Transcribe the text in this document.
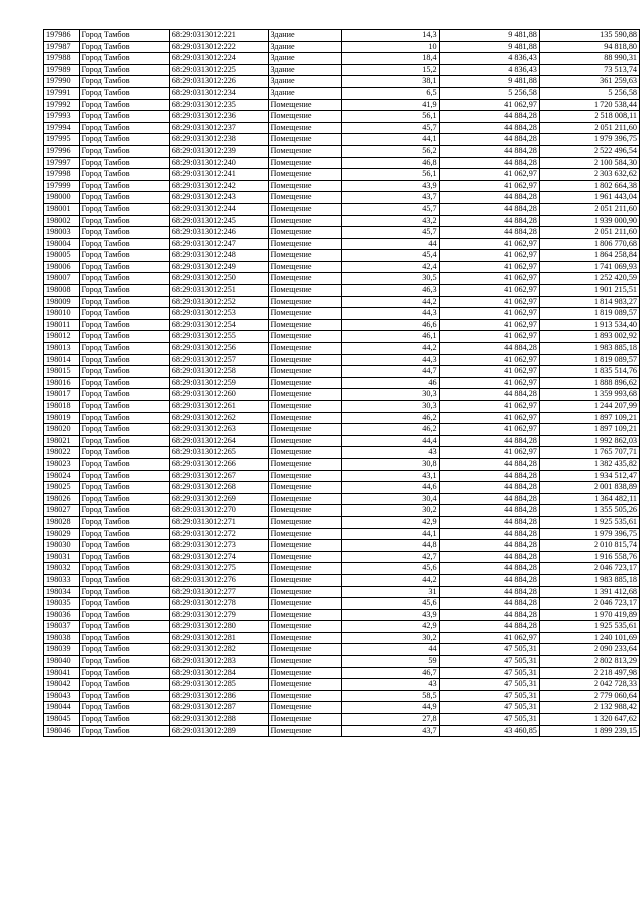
197986	Город Тамбов	68:29:0313012:221	Здание	14,3	9 481,88	135 590,88
197987	Город Тамбов	68:29:0313012:222	Здание	10	9 481,88	94 818,80
197988	Город Тамбов	68:29:0313012:224	Здание	18,4	4 836,43	88 990,31
197989	Город Тамбов	68:29:0313012:225	Здание	15,2	4 836,43	73 513,74
197990	Город Тамбов	68:29:0313012:226	Здание	38,1	9 481,88	361 259,63
197991	Город Тамбов	68:29:0313012:234	Здание	6,5	5 256,58	5 256,58
197992	Город Тамбов	68:29:0313012:235	Помещение	41,9	41 062,97	1 720 538,44
197993	Город Тамбов	68:29:0313012:236	Помещение	56,1	44 884,28	2 518 008,11
197994	Город Тамбов	68:29:0313012:237	Помещение	45,7	44 884,28	2 051 211,60
197995	Город Тамбов	68:29:0313012:238	Помещение	44,1	44 884,28	1 979 396,75
197996	Город Тамбов	68:29:0313012:239	Помещение	56,2	44 884,28	2 522 496,54
197997	Город Тамбов	68:29:0313012:240	Помещение	46,8	44 884,28	2 100 584,30
197998	Город Тамбов	68:29:0313012:241	Помещение	56,1	41 062,97	2 303 632,62
197999	Город Тамбов	68:29:0313012:242	Помещение	43,9	41 062,97	1 802 664,38
198000	Город Тамбов	68:29:0313012:243	Помещение	43,7	44 884,28	1 961 443,04
198001	Город Тамбов	68:29:0313012:244	Помещение	45,7	44 884,28	2 051 211,60
198002	Город Тамбов	68:29:0313012:245	Помещение	43,2	44 884,28	1 939 000,90
198003	Город Тамбов	68:29:0313012:246	Помещение	45,7	44 884,28	2 051 211,60
198004	Город Тамбов	68:29:0313012:247	Помещение	44	41 062,97	1 806 770,68
198005	Город Тамбов	68:29:0313012:248	Помещение	45,4	41 062,97	1 864 258,84
198006	Город Тамбов	68:29:0313012:249	Помещение	42,4	41 062,97	1 741 069,93
198007	Город Тамбов	68:29:0313012:250	Помещение	30,5	41 062,97	1 252 420,59
198008	Город Тамбов	68:29:0313012:251	Помещение	46,3	41 062,97	1 901 215,51
198009	Город Тамбов	68:29:0313012:252	Помещение	44,2	41 062,97	1 814 983,27
198010	Город Тамбов	68:29:0313012:253	Помещение	44,3	41 062,97	1 819 089,57
198011	Город Тамбов	68:29:0313012:254	Помещение	46,6	41 062,97	1 913 534,40
198012	Город Тамбов	68:29:0313012:255	Помещение	46,1	41 062,97	1 893 002,92
198013	Город Тамбов	68:29:0313012:256	Помещение	44,2	44 884,28	1 983 885,18
198014	Город Тамбов	68:29:0313012:257	Помещение	44,3	41 062,97	1 819 089,57
198015	Город Тамбов	68:29:0313012:258	Помещение	44,7	41 062,97	1 835 514,76
198016	Город Тамбов	68:29:0313012:259	Помещение	46	41 062,97	1 888 896,62
198017	Город Тамбов	68:29:0313012:260	Помещение	30,3	44 884,28	1 359 993,68
198018	Город Тамбов	68:29:0313012:261	Помещение	30,3	41 062,97	1 244 207,99
198019	Город Тамбов	68:29:0313012:262	Помещение	46,2	41 062,97	1 897 109,21
198020	Город Тамбов	68:29:0313012:263	Помещение	46,2	41 062,97	1 897 109,21
198021	Город Тамбов	68:29:0313012:264	Помещение	44,4	44 884,28	1 992 862,03
198022	Город Тамбов	68:29:0313012:265	Помещение	43	41 062,97	1 765 707,71
198023	Город Тамбов	68:29:0313012:266	Помещение	30,8	44 884,28	1 382 435,82
198024	Город Тамбов	68:29:0313012:267	Помещение	43,1	44 884,28	1 934 512,47
198025	Город Тамбов	68:29:0313012:268	Помещение	44,6	44 884,28	2 001 838,89
198026	Город Тамбов	68:29:0313012:269	Помещение	30,4	44 884,28	1 364 482,11
198027	Город Тамбов	68:29:0313012:270	Помещение	30,2	44 884,28	1 355 505,26
198028	Город Тамбов	68:29:0313012:271	Помещение	42,9	44 884,28	1 925 535,61
198029	Город Тамбов	68:29:0313012:272	Помещение	44,1	44 884,28	1 979 396,75
198030	Город Тамбов	68:29:0313012:273	Помещение	44,8	44 884,28	2 010 815,74
198031	Город Тамбов	68:29:0313012:274	Помещение	42,7	44 884,28	1 916 558,76
198032	Город Тамбов	68:29:0313012:275	Помещение	45,6	44 884,28	2 046 723,17
198033	Город Тамбов	68:29:0313012:276	Помещение	44,2	44 884,28	1 983 885,18
198034	Город Тамбов	68:29:0313012:277	Помещение	31	44 884,28	1 391 412,68
198035	Город Тамбов	68:29:0313012:278	Помещение	45,6	44 884,28	2 046 723,17
198036	Город Тамбов	68:29:0313012:279	Помещение	43,9	44 884,28	1 970 419,89
198037	Город Тамбов	68:29:0313012:280	Помещение	42,9	44 884,28	1 925 535,61
198038	Город Тамбов	68:29:0313012:281	Помещение	30,2	41 062,97	1 240 101,69
198039	Город Тамбов	68:29:0313012:282	Помещение	44	47 505,31	2 090 233,64
198040	Город Тамбов	68:29:0313012:283	Помещение	59	47 505,31	2 802 813,29
198041	Город Тамбов	68:29:0313012:284	Помещение	46,7	47 505,31	2 218 497,98
198042	Город Тамбов	68:29:0313012:285	Помещение	43	47 505,31	2 042 728,33
198043	Город Тамбов	68:29:0313012:286	Помещение	58,5	47 505,31	2 779 060,64
198044	Город Тамбов	68:29:0313012:287	Помещение	44,9	47 505,31	2 132 988,42
198045	Город Тамбов	68:29:0313012:288	Помещение	27,8	47 505,31	1 320 647,62
198046	Город Тамбов	68:29:0313012:289	Помещение	43,7	43 460,85	1 899 239,15
